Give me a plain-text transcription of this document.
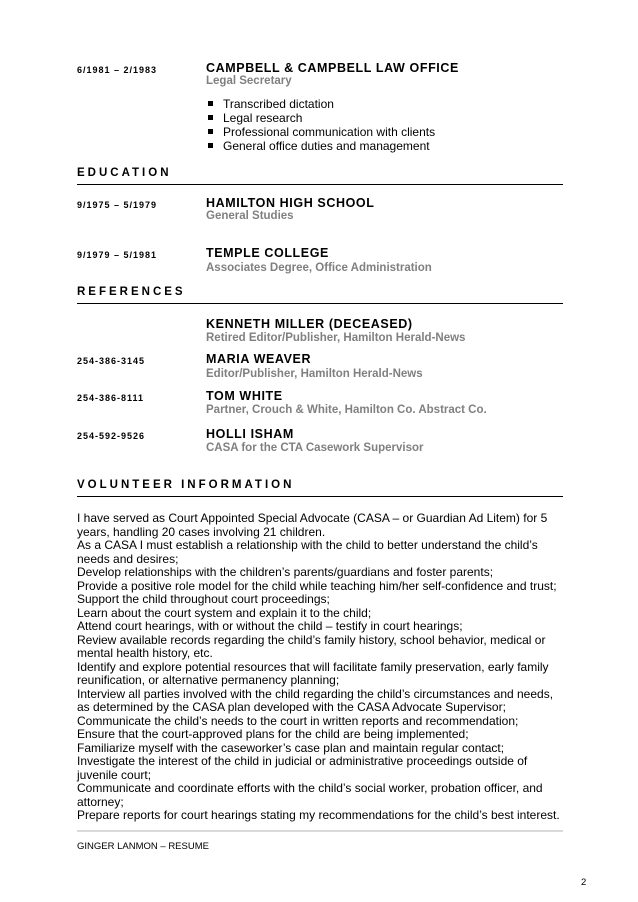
6/1981 – 2/1983	CAMPBELL & CAMPBELL LAW OFFICE
Legal Secretary
Transcribed dictation
Legal research
Professional communication with clients
General office duties and management
EDUCATION
9/1975 – 5/1979	HAMILTON HIGH SCHOOL
General Studies
9/1979 – 5/1981	TEMPLE COLLEGE
Associates Degree, Office Administration
REFERENCES
KENNETH MILLER (DECEASED)
Retired Editor/Publisher, Hamilton Herald-News
254-386-3145	MARIA WEAVER
Editor/Publisher, Hamilton Herald-News
254-386-8111	TOM WHITE
Partner, Crouch & White, Hamilton Co. Abstract Co.
254-592-9526	HOLLI ISHAM
CASA for the CTA Casework Supervisor
VOLUNTEER INFORMATION
I have served as Court Appointed Special Advocate (CASA – or Guardian Ad Litem) for 5 years, handling 20 cases involving 21 children.
As a CASA I must establish a relationship with the child to better understand the child’s needs and desires;
Develop relationships with the children’s parents/guardians and foster parents;
Provide a positive role model for the child while teaching him/her self-confidence and trust;
Support the child throughout court proceedings;
Learn about the court system and explain it to the child;
Attend court hearings, with or without the child – testify in court hearings;
Review available records regarding the child’s family history, school behavior, medical or mental health history, etc.
Identify and explore potential resources that will facilitate family preservation, early family reunification, or alternative permanency planning;
Interview all parties involved with the child regarding the child’s circumstances and needs, as determined by the CASA plan developed with the CASA Advocate Supervisor;
Communicate the child’s needs to the court in written reports and recommendation;
Ensure that the court-approved plans for the child are being implemented;
Familiarize myself with the caseworker’s case plan and maintain regular contact;
Investigate the interest of the child in judicial or administrative proceedings outside of juvenile court;
Communicate and coordinate efforts with the child’s social worker, probation officer, and attorney;
Prepare reports for court hearings stating my recommendations for the child’s best interest.
GINGER LANMON – RESUME
2
